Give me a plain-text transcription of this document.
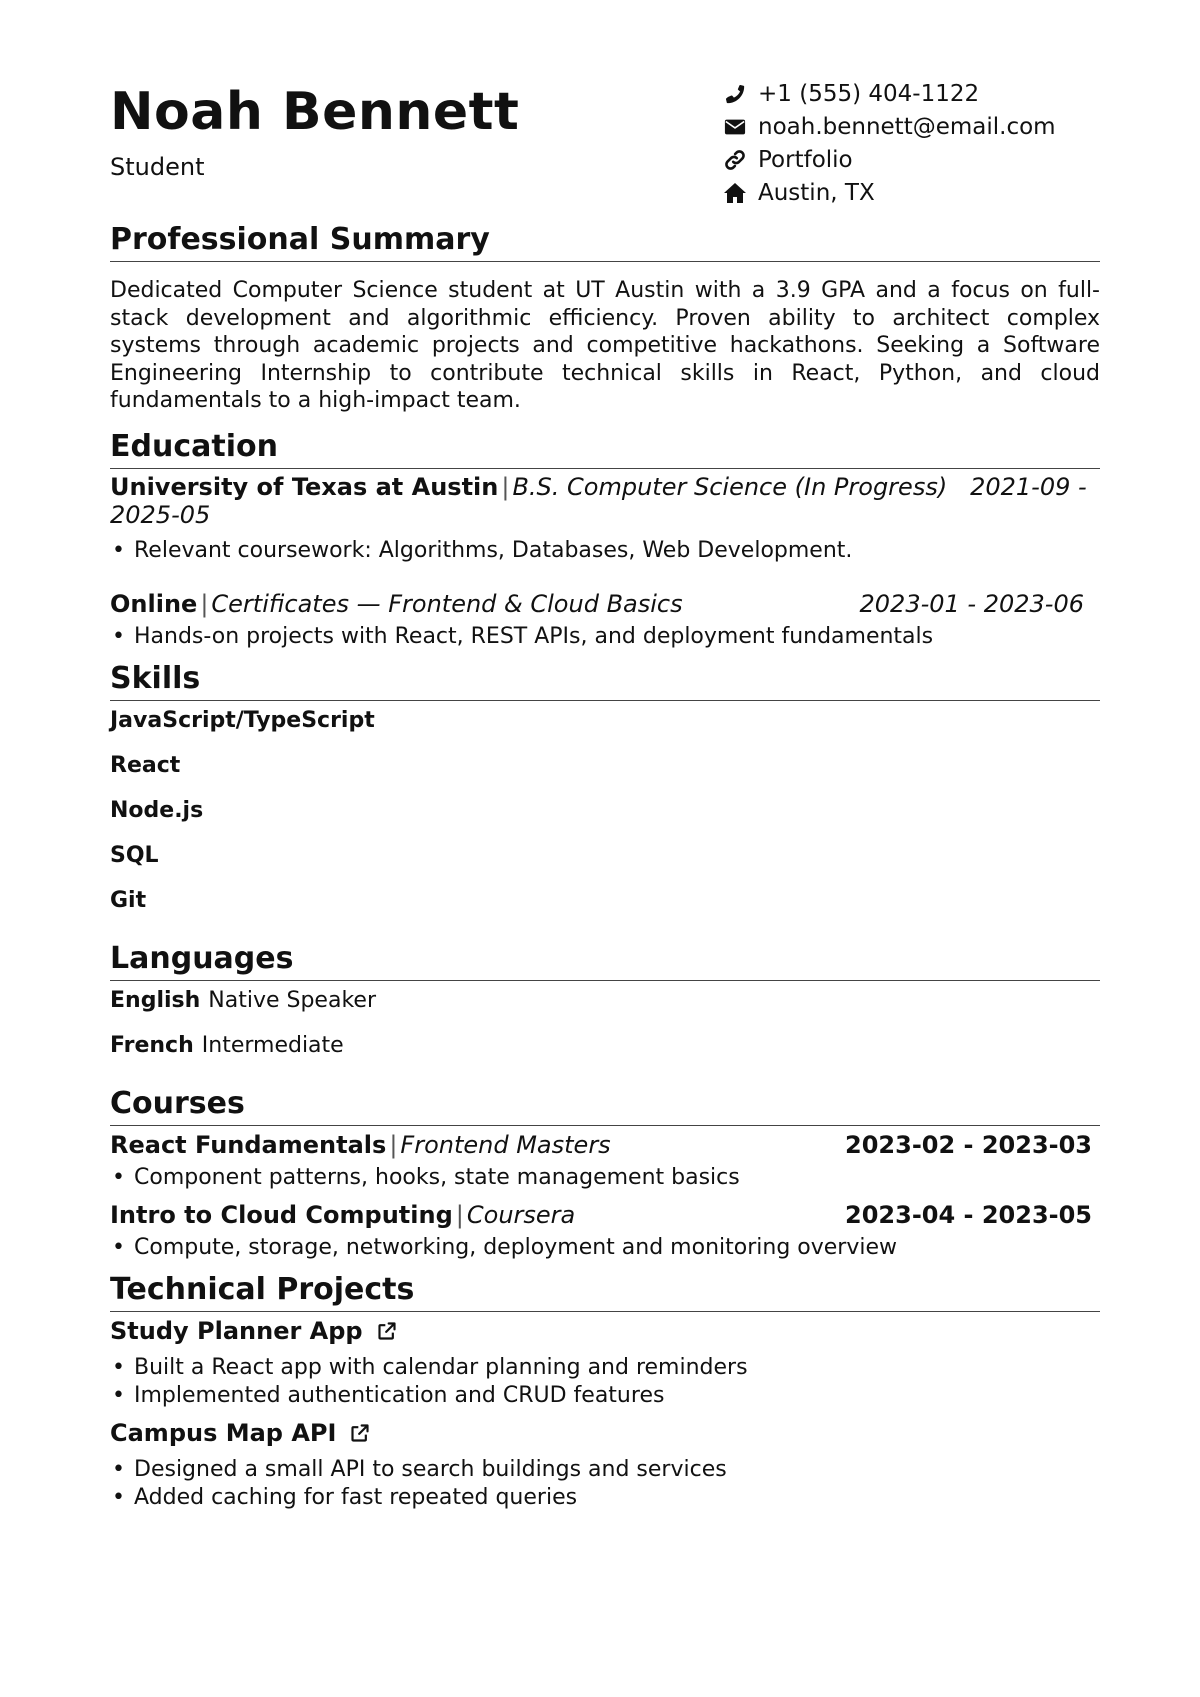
Noah Bennett
Student
+1 (555) 404-1122
noah.bennett@email.com
Portfolio
Austin, TX
Professional Summary

Dedicated Computer Science student at UT Austin with a 3.9 GPA and a focus on full-stack development and algorithmic efficiency. Proven ability to architect complex systems through academic projects and competitive hackathons. Seeking a Software Engineering Internship to contribute technical skills in React, Python, and cloud fundamentals to a high-impact team.

Education
University of Texas at Austin | B.S. Computer Science (In Progress) 2021-09 - 2025-05
• Relevant coursework: Algorithms, Databases, Web Development.
Online | Certificates — Frontend & Cloud Basics	2023-01 - 2023-06
• Hands-on projects with React, REST APIs, and deployment fundamentals
Skills
JavaScript/TypeScript
React
Node.js
SQL
Git
Languages
English Native Speaker
French Intermediate
Courses
React Fundamentals | Frontend Masters	2023-02 - 2023-03
• Component patterns, hooks, state management basics
Intro to Cloud Computing | Coursera	2023-04 - 2023-05
• Compute, storage, networking, deployment and monitoring overview
Technical Projects
Study Planner App
• Built a React app with calendar planning and reminders
• Implemented authentication and CRUD features
Campus Map API
• Designed a small API to search buildings and services
• Added caching for fast repeated queries
